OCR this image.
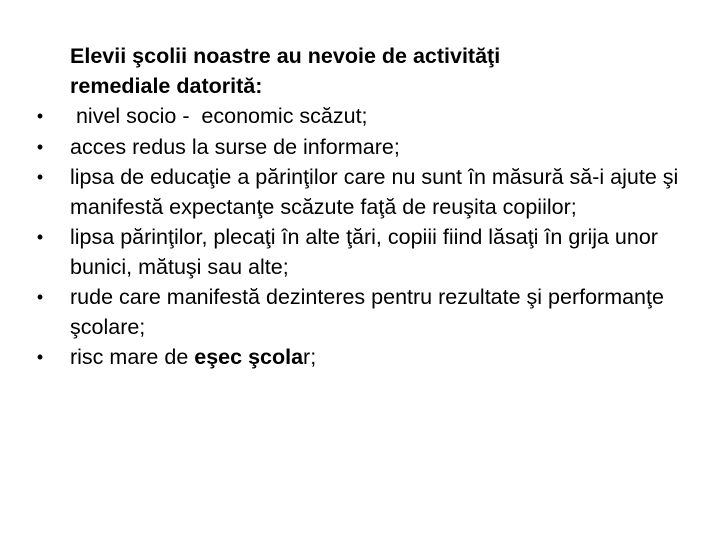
Elevii şcolii noastre au nevoie de activităţi
remediale datorită:
•	nivel socio -  economic scăzut;
•	acces redus la surse de informare;
•	lipsa de educaţie a părinţilor care nu sunt în măsură să-i ajute şi manifestă expectanţe scăzute faţă de reuşita copiilor;
•	lipsa părinţilor, plecaţi în alte ţări, copiii fiind lăsaţi în grija unor bunici, mătuşi sau alte;
•	rude care manifestă dezinteres pentru rezultate şi performanţe şcolare;
•	risc mare de eşec şcolar;
